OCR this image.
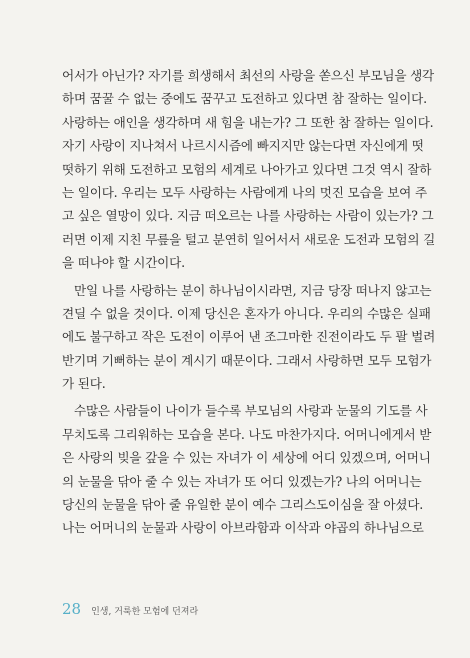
어서가 아닌가? 자기를 희생해서 최선의 사랑을 쏟으신 부모님을 생각
하며 꿈꿀 수 없는 중에도 꿈꾸고 도전하고 있다면 참 잘하는 일이다.
사랑하는 애인을 생각하며 새 힘을 내는가? 그 또한 참 잘하는 일이다.
자기 사랑이 지나쳐서 나르시시즘에 빠지지만 않는다면 자신에게 떳
떳하기 위해 도전하고 모험의 세계로 나아가고 있다면 그것 역시 잘하
는 일이다. 우리는 모두 사랑하는 사람에게 나의 멋진 모습을 보여 주
고 싶은 열망이 있다. 지금 떠오르는 나를 사랑하는 사람이 있는가? 그
러면 이제 지친 무릎을 털고 분연히 일어서서 새로운 도전과 모험의 길
을 떠나야 할 시간이다.
만일 나를 사랑하는 분이 하나님이시라면, 지금 당장 떠나지 않고는
견딜 수 없을 것이다. 이제 당신은 혼자가 아니다. 우리의 수많은 실패
에도 불구하고 작은 도전이 이루어 낸 조그마한 진전이라도 두 팔 벌려
반기며 기뻐하는 분이 계시기 때문이다. 그래서 사랑하면 모두 모험가
가 된다.
수많은 사람들이 나이가 들수록 부모님의 사랑과 눈물의 기도를 사
무치도록 그리워하는 모습을 본다. 나도 마찬가지다. 어머니에게서 받
은 사랑의 빚을 갚을 수 있는 자녀가 이 세상에 어디 있겠으며, 어머니
의 눈물을 닦아 줄 수 있는 자녀가 또 어디 있겠는가? 나의 어머니는
당신의 눈물을 닦아 줄 유일한 분이 예수 그리스도이심을 잘 아셨다.
나는 어머니의 눈물과 사랑이 아브라함과 이삭과 야곱의 하나님으로
28 인생, 거룩한 모험에 던져라
